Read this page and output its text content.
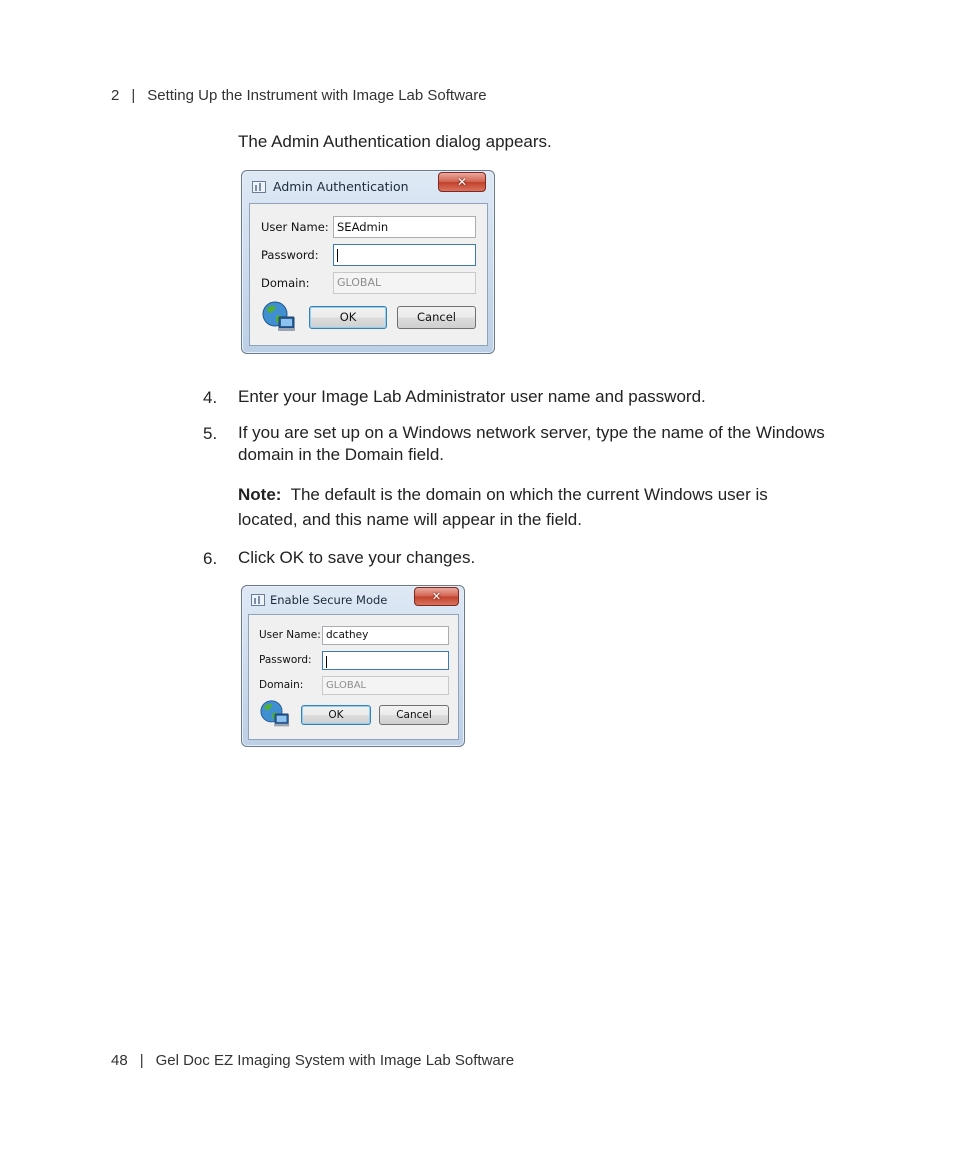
2 | Setting Up the Instrument with Image Lab Software
The Admin Authentication dialog appears.
Admin Authentication	✕
User Name: SEAdmin
Password:
Domain:	GLOBAL
OK	Cancel
4. Enter your Image Lab Administrator user name and password.
5. If you are set up on a Windows network server, type the name of the Windows domain in the Domain field.
Note: The default is the domain on which the current Windows user is located, and this name will appear in the field.
6. Click OK to save your changes.
Enable Secure Mode	✕
User Name: dcathey
Password:
Domain:	GLOBAL
OK	Cancel
48 | Gel Doc EZ Imaging System with Image Lab Software
